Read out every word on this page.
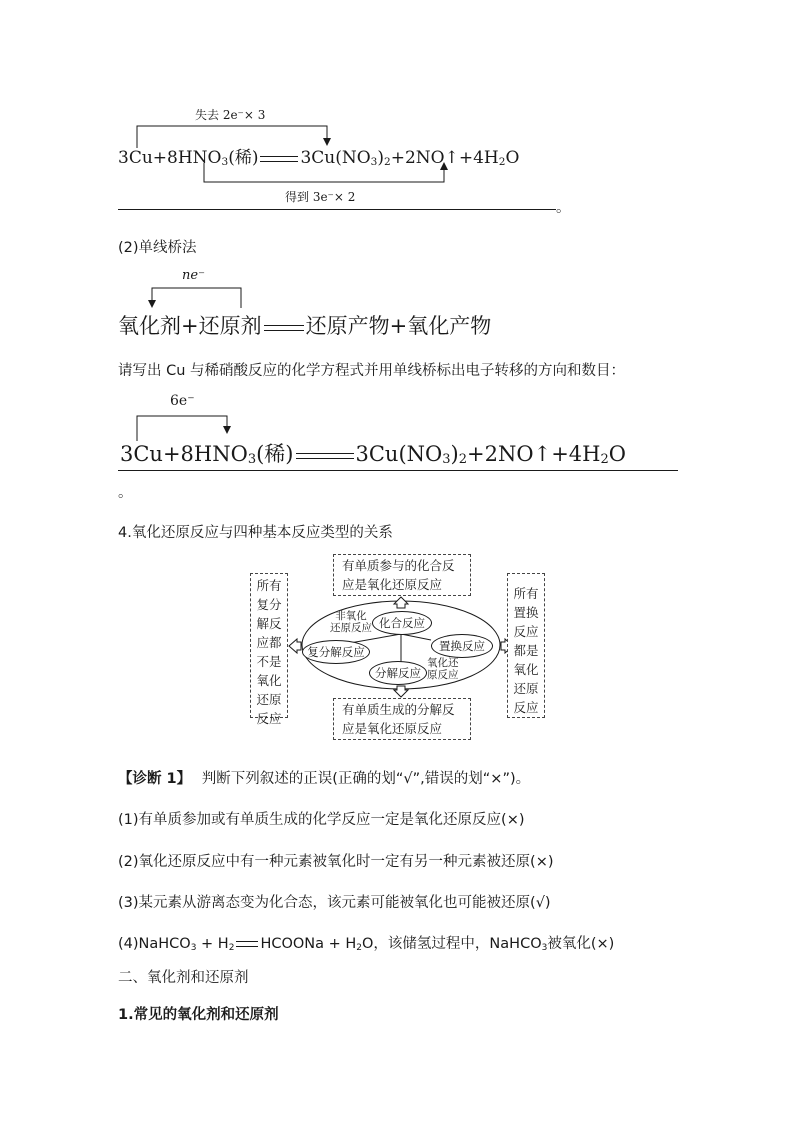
失去 2e⁻× 3
$3Cu+8HNO_3$(稀) $3Cu(NO_3)_2+2NO↑+4H_2O$
得到 3e⁻× 2
。
(2)单线桥法
ne⁻
氧化剂+还原剂 还原产物+氧化产物
请写出 Cu 与稀硝酸反应的化学方程式并用单线桥标出电子转移的方向和数目：
6e⁻
$3Cu+8HNO_3$(稀)	$3Cu(NO_3)_2+2NO↑+4H_2O$
。
4.氧化还原反应与四种基本反应类型的关系
有单质参与的化合反
应是氧化还原反应
有单质生成的分解反
应是氧化还原反应
所有
复分
解反
应都
不是
氧化
还原
反应
所有
置换
反应
都是
氧化
还原
反应
非氧化
还原反应
氧化还
原反应
化合反应
复分解反应	置换反应
分解反应
【诊断 1】 判断下列叙述的正误(正确的划“√”,错误的划“×”)。
(1)有单质参加或有单质生成的化学反应一定是氧化还原反应(×)
(2)氧化还原反应中有一种元素被氧化时一定有另一种元素被还原(×)
(3)某元素从游离态变为化合态，该元素可能被氧化也可能被还原(√)
(4)NaHCO$_3$ + $H_2$ HCOONa + $H_2O$，该储氢过程中，NaHCO$_3$被氧化(×)
二、氧化剂和还原剂
1.常见的氧化剂和还原剂
